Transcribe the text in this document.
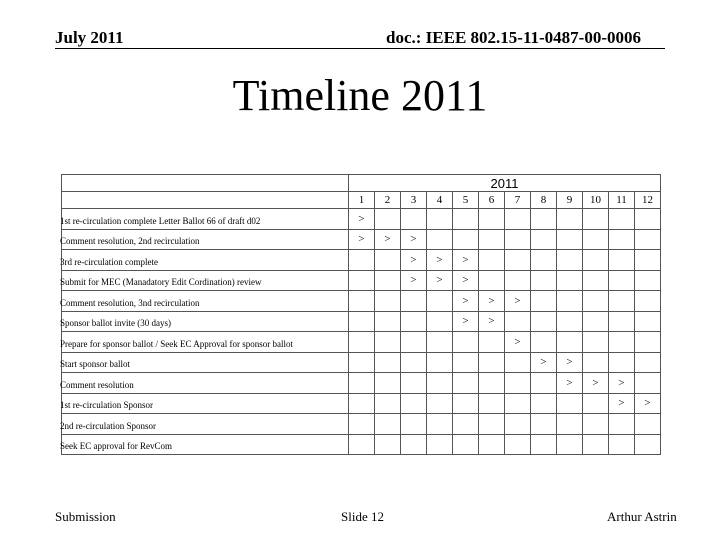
July 2011	doc.: IEEE 802.15-11-0487-00-0006
Timeline 2011
	2011											
	1	2	3	4	5	6	7	8	9	10	11	12
1st re-circulation complete Letter Ballot 66 of draft d02	>											
Comment resolution, 2nd recirculation	>	>	>									
3rd re-circulation complete			>	>	>							
Submit for MEC (Manadatory Edit Cordination) review			>	>	>							
Comment resolution, 3nd recirculation					>	>	>					
Sponsor ballot invite (30 days)					>	>						
Prepare for sponsor ballot / Seek EC Approval for sponsor ballot							>					
Start sponsor ballot								>	>			
Comment resolution									>	>	>	
1st re-circulation Sponsor											>	>
2nd re-circulation Sponsor												
Seek EC approval for RevCom												
Submission	Slide 12	Arthur Astrin
